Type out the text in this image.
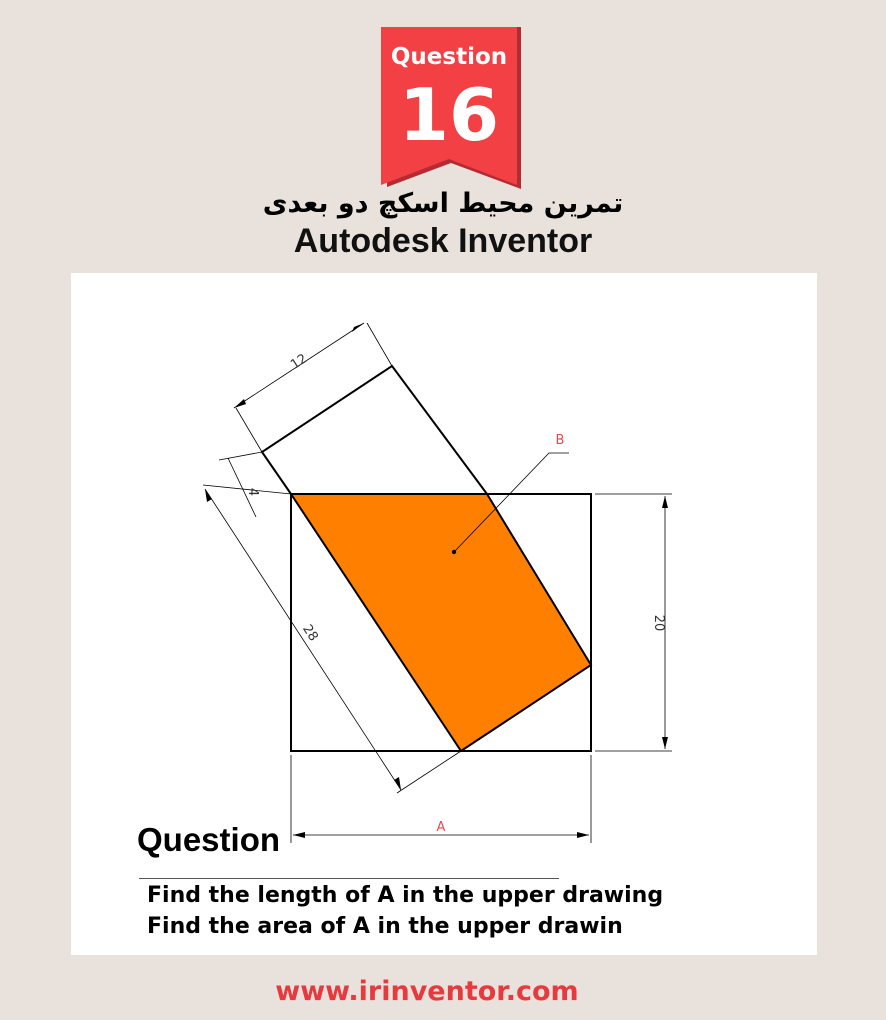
Question
16
تمرین محیط اسکچ دو بعدی
Autodesk Inventor
12
4
28	20
A
B
Question
Find the length of A in the upper drawing
Find the area of A in the upper drawin
www.irinventor.com
